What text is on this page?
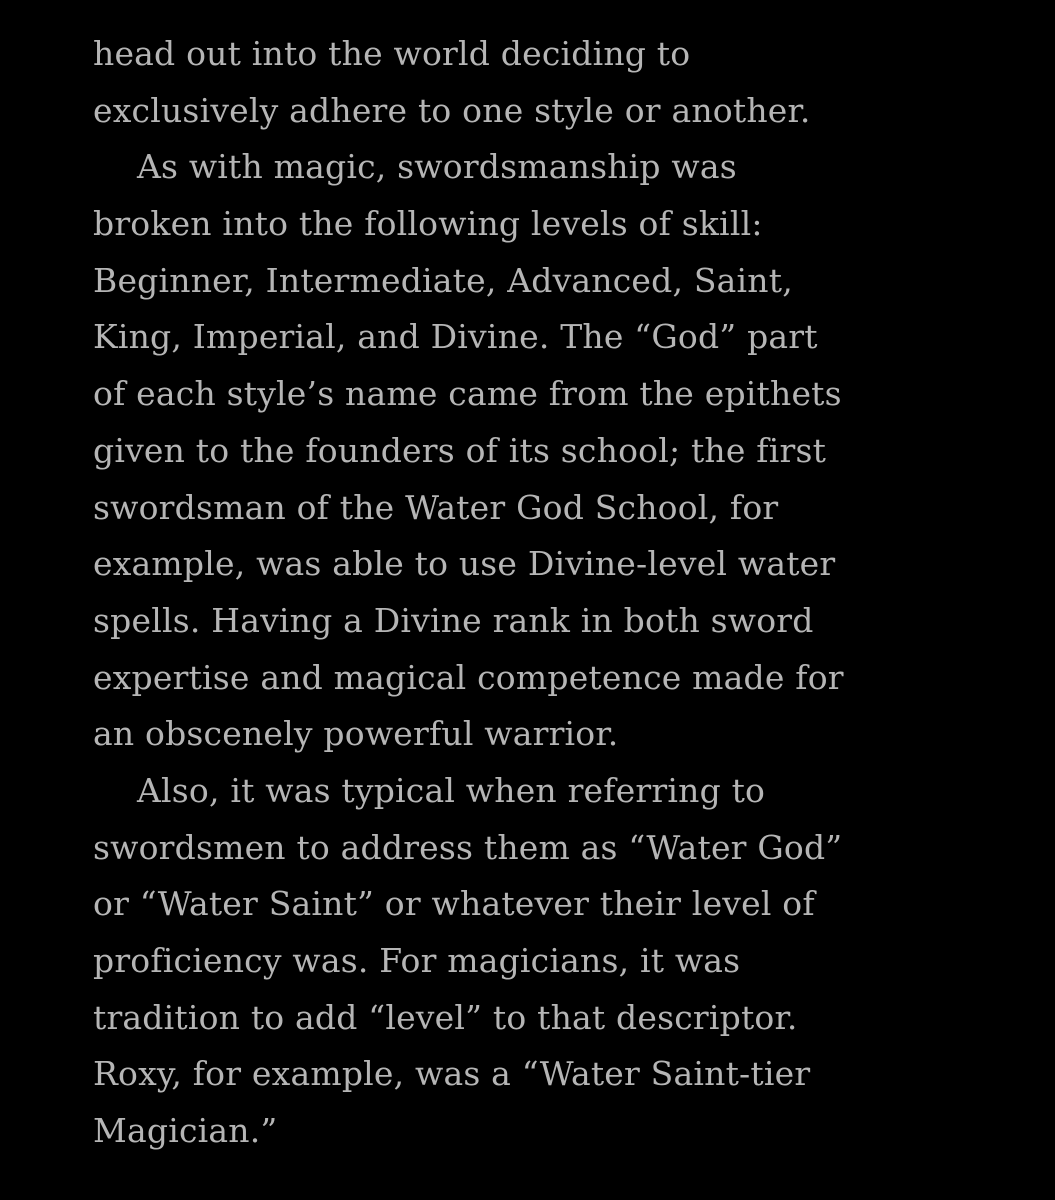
head out into the world deciding to
exclusively adhere to one style or another.
As with magic, swordsmanship was
broken into the following levels of skill:
Beginner, Intermediate, Advanced, Saint,
King, Imperial, and Divine. The “God” part
of each style’s name came from the epithets
given to the founders of its school; the first
swordsman of the Water God School, for
example, was able to use Divine-level water
spells. Having a Divine rank in both sword
expertise and magical competence made for
an obscenely powerful warrior.
Also, it was typical when referring to
swordsmen to address them as “Water God”
or “Water Saint” or whatever their level of
proficiency was. For magicians, it was
tradition to add “level” to that descriptor.
Roxy, for example, was a “Water Saint-tier
Magician.”
